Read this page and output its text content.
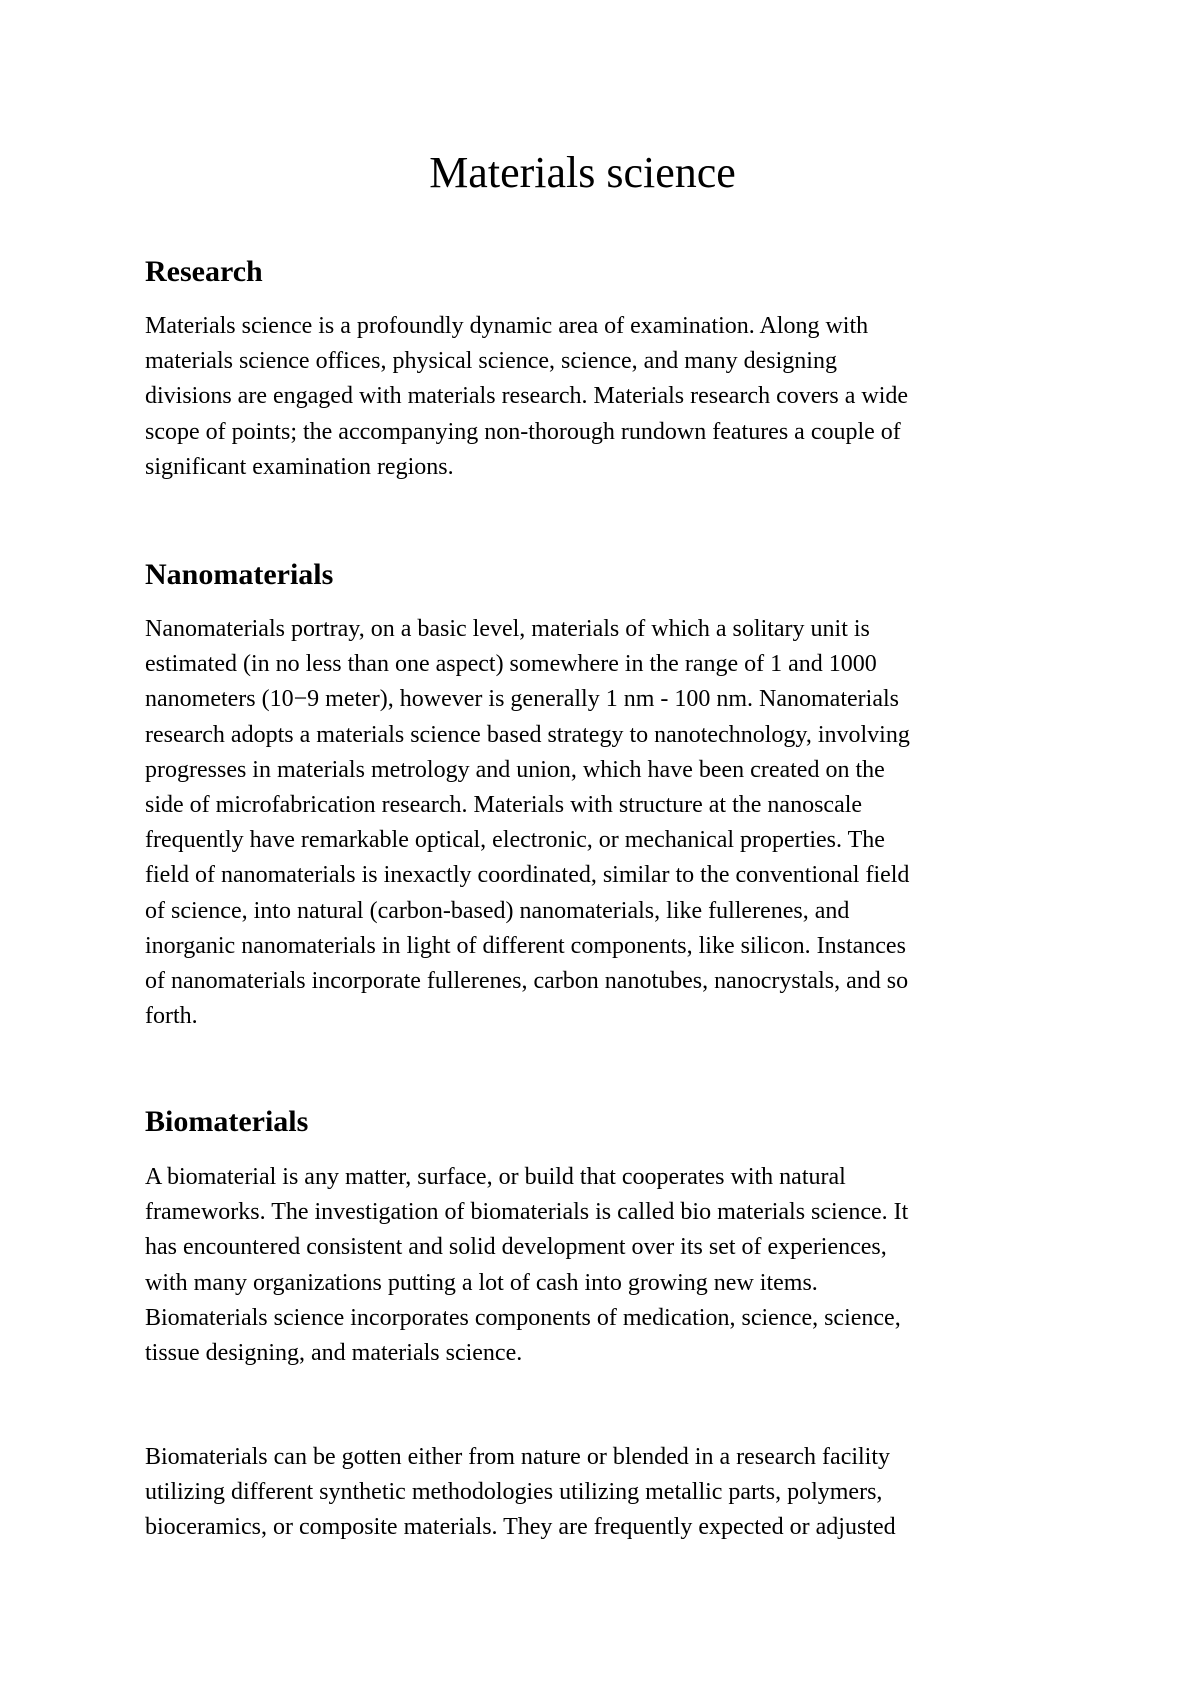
Materials science
Research

Materials science is a profoundly dynamic area of examination. Along with
materials science offices, physical science, science, and many designing
divisions are engaged with materials research. Materials research covers a wide
scope of points; the accompanying non-thorough rundown features a couple of
significant examination regions.

Nanomaterials

Nanomaterials portray, on a basic level, materials of which a solitary unit is
estimated (in no less than one aspect) somewhere in the range of 1 and 1000
nanometers (10−9 meter), however is generally 1 nm - 100 nm. Nanomaterials
research adopts a materials science based strategy to nanotechnology, involving
progresses in materials metrology and union, which have been created on the
side of microfabrication research. Materials with structure at the nanoscale
frequently have remarkable optical, electronic, or mechanical properties. The
field of nanomaterials is inexactly coordinated, similar to the conventional field
of science, into natural (carbon-based) nanomaterials, like fullerenes, and
inorganic nanomaterials in light of different components, like silicon. Instances
of nanomaterials incorporate fullerenes, carbon nanotubes, nanocrystals, and so
forth.

Biomaterials

A biomaterial is any matter, surface, or build that cooperates with natural
frameworks. The investigation of biomaterials is called bio materials science. It
has encountered consistent and solid development over its set of experiences,
with many organizations putting a lot of cash into growing new items.
Biomaterials science incorporates components of medication, science, science,
tissue designing, and materials science.

Biomaterials can be gotten either from nature or blended in a research facility
utilizing different synthetic methodologies utilizing metallic parts, polymers,
bioceramics, or composite materials. They are frequently expected or adjusted
